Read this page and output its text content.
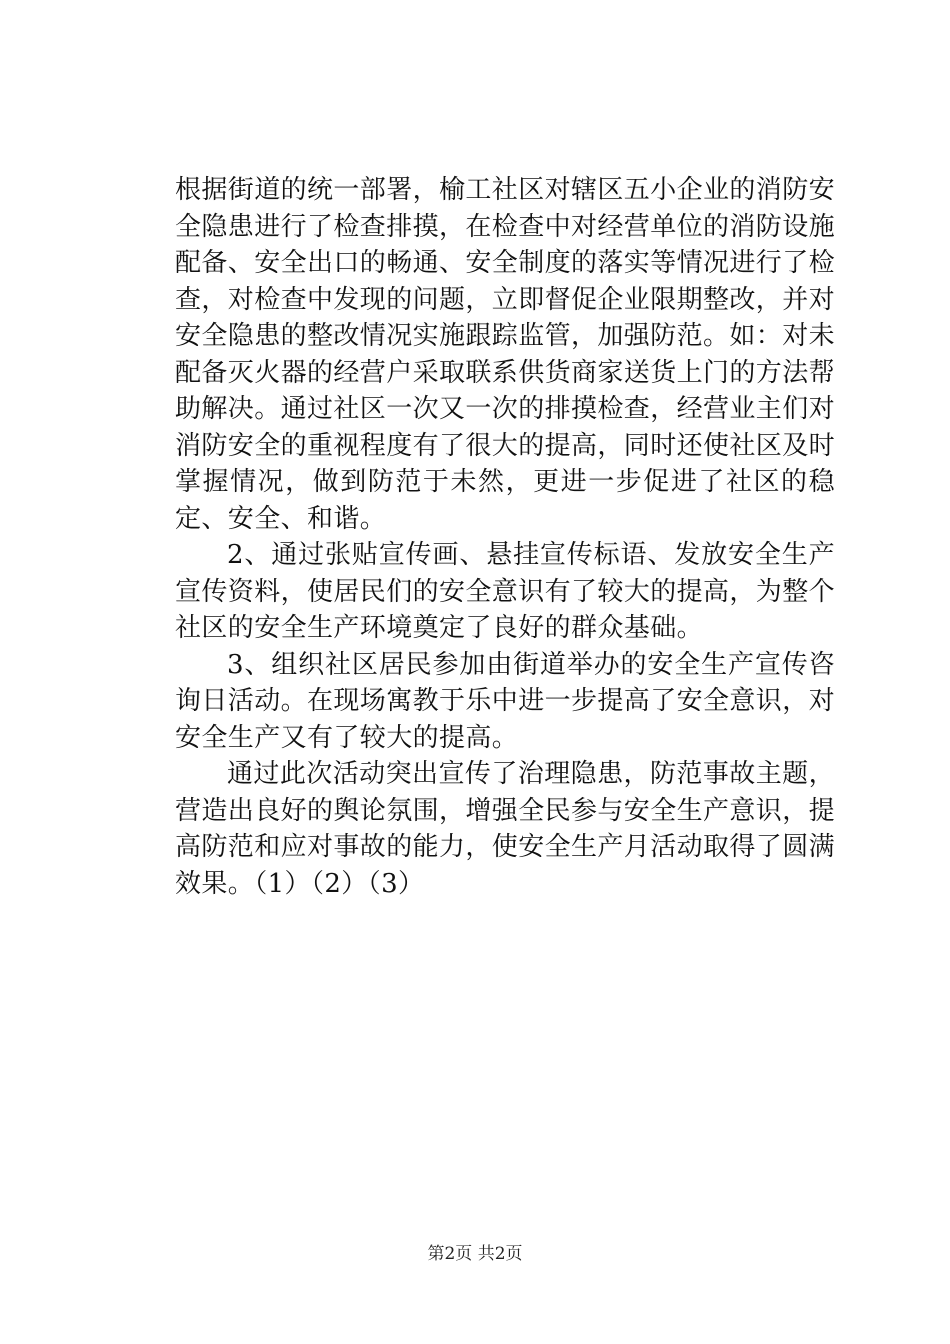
根据街道的统一部署，榆工社区对辖区五小企业的消防安全隐患进行了检查排摸，在检查中对经营单位的消防设施配备、安全出口的畅通、安全制度的落实等情况进行了检查，对检查中发现的问题，立即督促企业限期整改，并对安全隐患的整改情况实施跟踪监管，加强防范。如：对未配备灭火器的经营户采取联系供货商家送货上门的方法帮助解决。通过社区一次又一次的排摸检查，经营业主们对消防安全的重视程度有了很大的提高，同时还使社区及时掌握情况，做到防范于未然，更进一步促进了社区的稳定、安全、和谐。

2、通过张贴宣传画、悬挂宣传标语、发放安全生产宣传资料，使居民们的安全意识有了较大的提高，为整个社区的安全生产环境奠定了良好的群众基础。

3、组织社区居民参加由街道举办的安全生产宣传咨询日活动。在现场寓教于乐中进一步提高了安全意识，对安全生产又有了较大的提高。

通过此次活动突出宣传了治理隐患，防范事故主题，营造出良好的舆论氛围，增强全民参与安全生产意识，提高防范和应对事故的能力，使安全生产月活动取得了圆满效果。（1）（2）（3）

第2页 共2页
